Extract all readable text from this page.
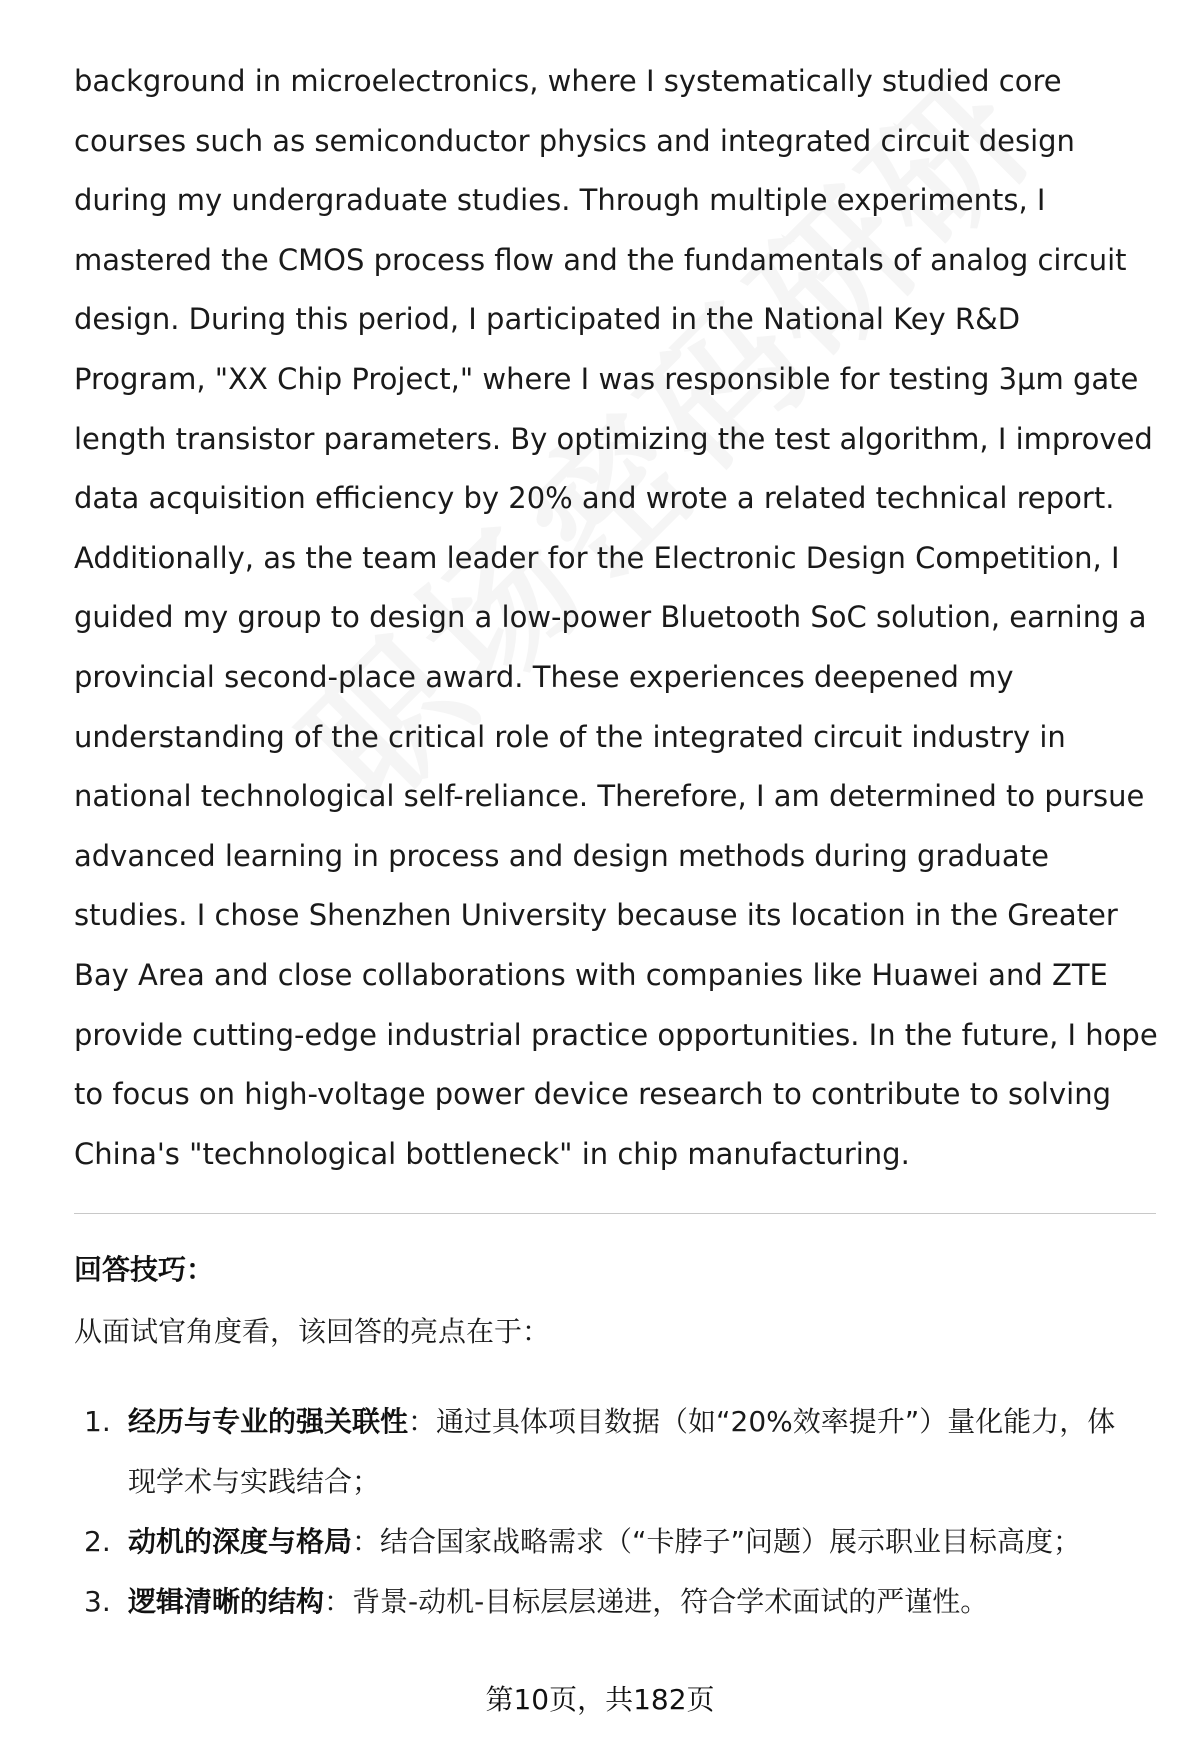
background in microelectronics, where I systematically studied core courses such as semiconductor physics and integrated circuit design during my undergraduate studies. Through multiple experiments, I mastered the CMOS process flow and the fundamentals of analog circuit design. During this period, I participated in the National Key R&D Program, "XX Chip Project," where I was responsible for testing 3μm gate length transistor parameters. By optimizing the test algorithm, I improved data acquisition efficiency by 20% and wrote a related technical report. Additionally, as the team leader for the Electronic Design Competition, I guided my group to design a low-power Bluetooth SoC solution, earning a provincial second-place award. These experiences deepened my understanding of the critical role of the integrated circuit industry in national technological self-reliance. Therefore, I am determined to pursue advanced learning in process and design methods during graduate studies. I chose Shenzhen University because its location in the Greater Bay Area and close collaborations with companies like Huawei and ZTE provide cutting-edge industrial practice opportunities. In the future, I hope to focus on high-voltage power device research to contribute to solving China's "technological bottleneck" in chip manufacturing.

回答技巧：
从面试官角度看，该回答的亮点在于：
1. 经历与专业的强关联性：通过具体项目数据（如“20%效率提升”）量化能力，体现学术与实践结合；
2. 动机的深度与格局：结合国家战略需求（“卡脖子”问题）展示职业目标高度；
3. 逻辑清晰的结构：背景-动机-目标层层递进，符合学术面试的严谨性。
第10页，共182页
